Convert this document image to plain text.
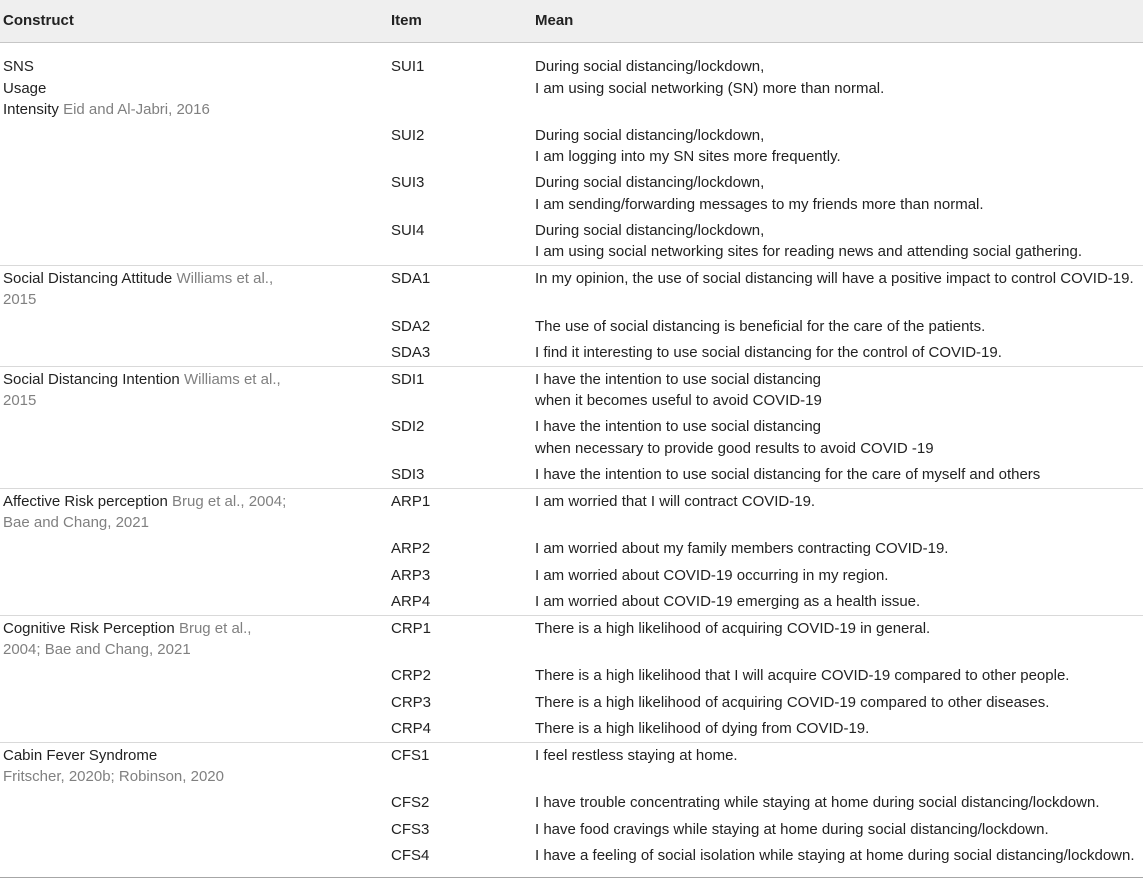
Construct	Item	Mean
SNS
Usage
Intensity Eid and Al-Jabri, 2016
SUI1	During social distancing/lockdown,
I am using social networking (SN) more than normal.
SUI2	During social distancing/lockdown,
I am logging into my SN sites more frequently.
SUI3	During social distancing/lockdown,
I am sending/forwarding messages to my friends more than normal.
SUI4	During social distancing/lockdown,
I am using social networking sites for reading news and attending social gathering.
Social Distancing Attitude Williams et al.,
2015
SDA1	In my opinion, the use of social distancing will have a positive impact to control COVID-19.
SDA2	The use of social distancing is beneficial for the care of the patients.
SDA3	I find it interesting to use social distancing for the control of COVID-19.
Social Distancing Intention Williams et al.,
2015
SDI1	I have the intention to use social distancing
when it becomes useful to avoid COVID-19
SDI2	I have the intention to use social distancing
when necessary to provide good results to avoid COVID -19
SDI3	I have the intention to use social distancing for the care of myself and others
Affective Risk perception Brug et al., 2004;
Bae and Chang, 2021
ARP1	I am worried that I will contract COVID-19.
ARP2	I am worried about my family members contracting COVID-19.
ARP3	I am worried about COVID-19 occurring in my region.
ARP4	I am worried about COVID-19 emerging as a health issue.
Cognitive Risk Perception Brug et al.,
2004; Bae and Chang, 2021
CRP1	There is a high likelihood of acquiring COVID-19 in general.
CRP2	There is a high likelihood that I will acquire COVID-19 compared to other people.
CRP3	There is a high likelihood of acquiring COVID-19 compared to other diseases.
CRP4	There is a high likelihood of dying from COVID-19.
Cabin Fever Syndrome
Fritscher, 2020b; Robinson, 2020
CFS1	I feel restless staying at home.
CFS2	I have trouble concentrating while staying at home during social distancing/lockdown.
CFS3	I have food cravings while staying at home during social distancing/lockdown.
CFS4	I have a feeling of social isolation while staying at home during social distancing/lockdown.
